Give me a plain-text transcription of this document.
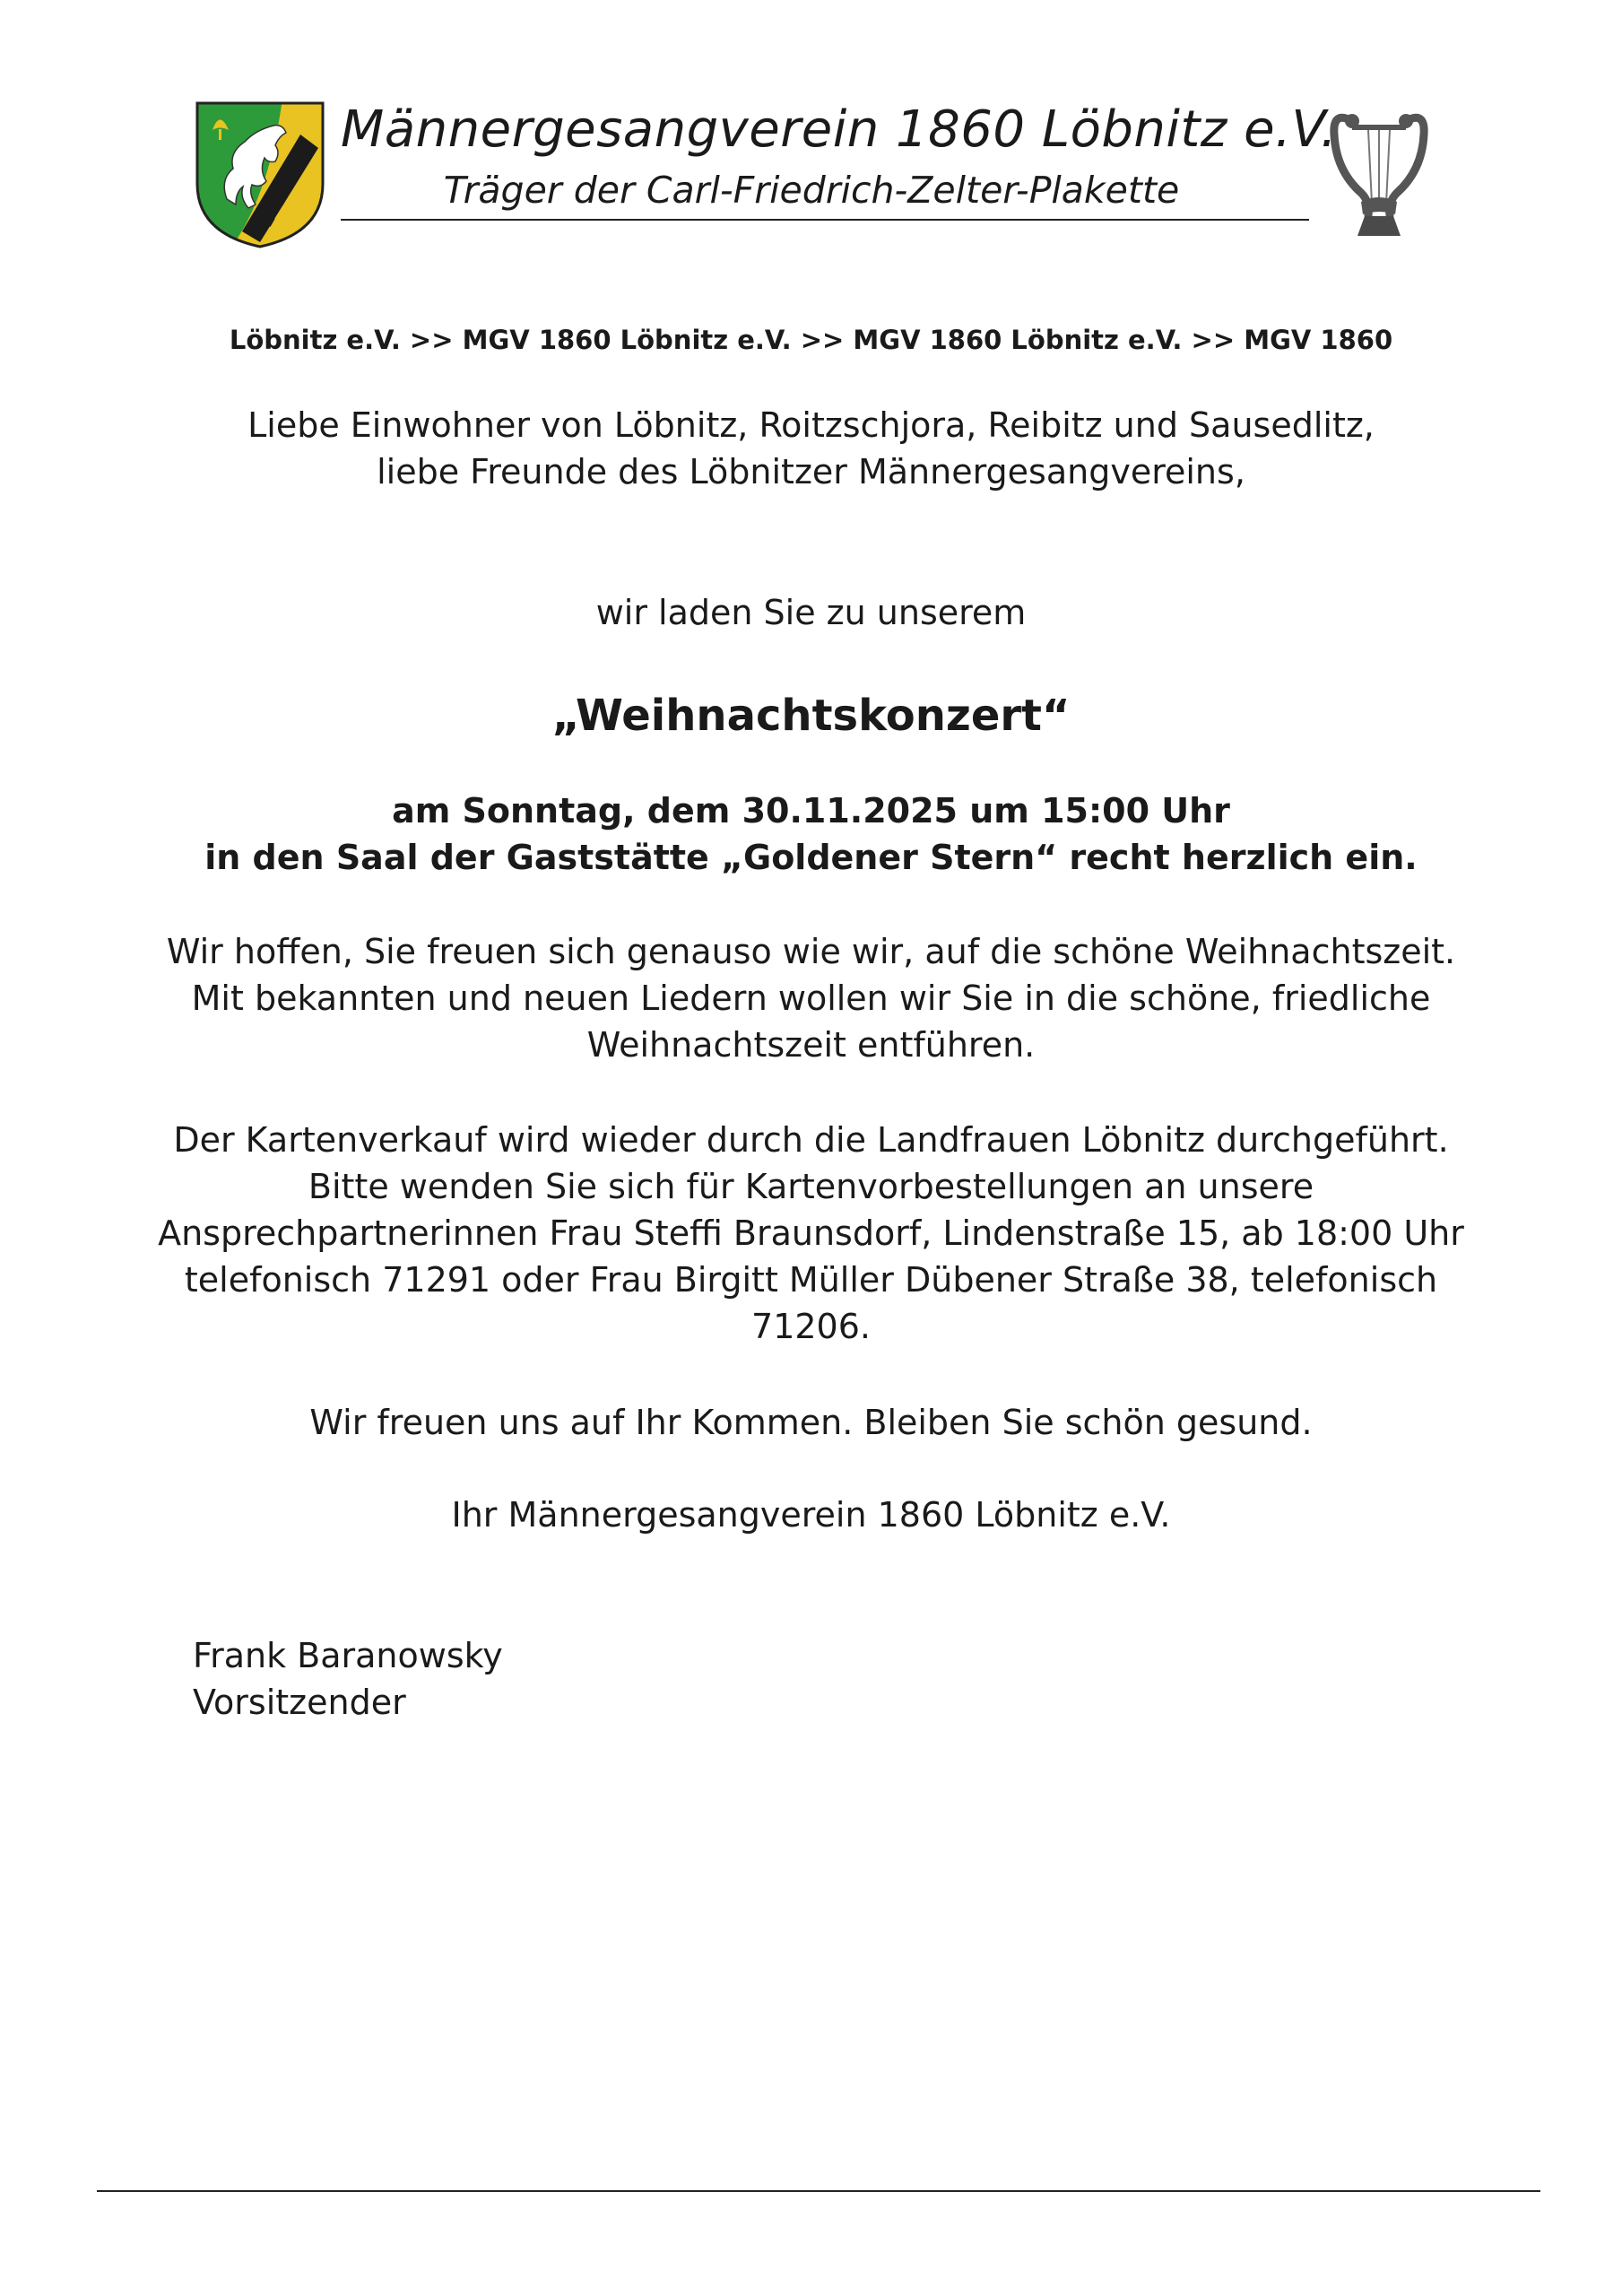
Männergesangverein 1860 Löbnitz e.V.
Träger der Carl-Friedrich-Zelter-Plakette
Löbnitz e.V. >> MGV 1860 Löbnitz e.V. >> MGV 1860 Löbnitz e.V. >> MGV 1860
Liebe Einwohner von Löbnitz, Roitzschjora, Reibitz und Sausedlitz,
liebe Freunde des Löbnitzer Männergesangvereins,
wir laden Sie zu unserem
„Weihnachtskonzert“
am Sonntag, dem 30.11.2025 um 15:00 Uhr
in den Saal der Gaststätte „Goldener Stern“ recht herzlich ein.
Wir hoffen, Sie freuen sich genauso wie wir, auf die schöne Weihnachtszeit.
Mit bekannten und neuen Liedern wollen wir Sie in die schöne, friedliche
Weihnachtszeit entführen.
Der Kartenverkauf wird wieder durch die Landfrauen Löbnitz durchgeführt.
Bitte wenden Sie sich für Kartenvorbestellungen an unsere
Ansprechpartnerinnen Frau Steffi Braunsdorf, Lindenstraße 15, ab 18:00 Uhr
telefonisch 71291 oder Frau Birgitt Müller Dübener Straße 38, telefonisch
71206.
Wir freuen uns auf Ihr Kommen. Bleiben Sie schön gesund.
Ihr Männergesangverein 1860 Löbnitz e.V.
Frank Baranowsky
Vorsitzender
